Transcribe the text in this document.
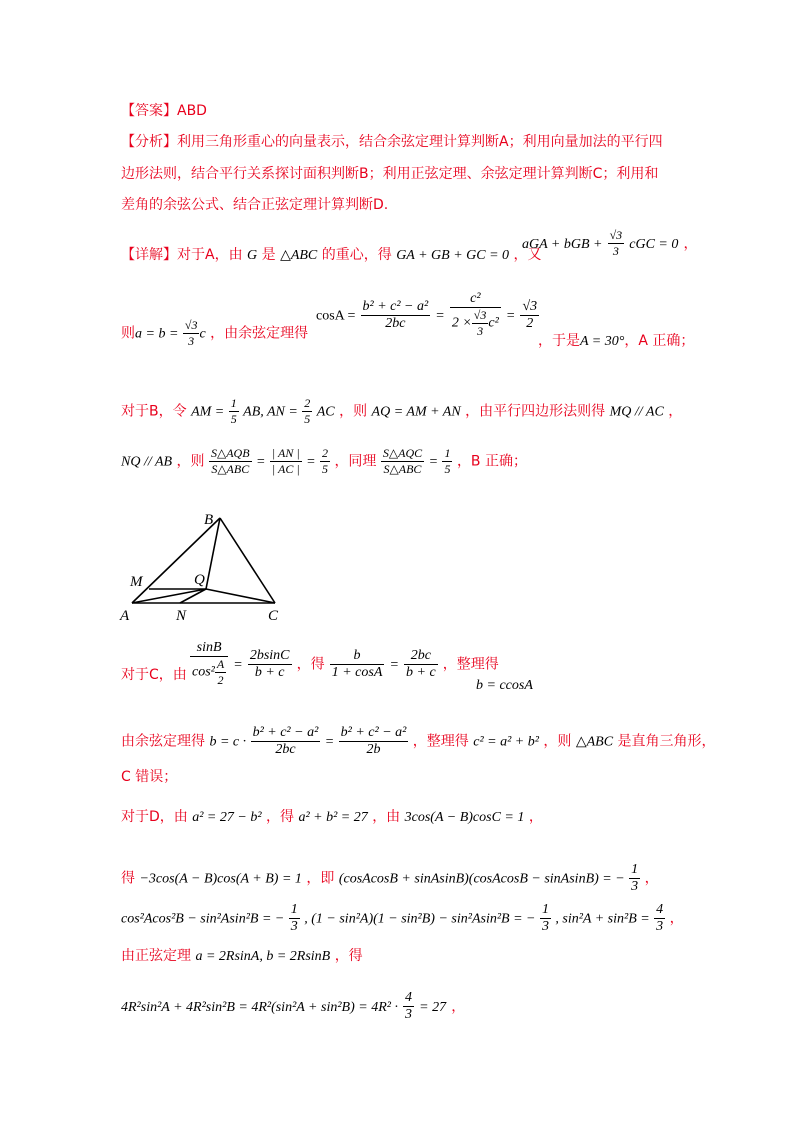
【答案】ABD
【分析】利用三角形重心的向量表示，结合余弦定理计算判断A；利用向量加法的平行四
边形法则，结合平行关系探讨面积判断B；利用正弦定理、余弦定理计算判断C；利用和
差角的余弦公式、结合正弦定理计算判断D.
【详解】对于A，由 G 是 △ABC 的重心，得 GA + GB + GC = 0 ，又
aGA + bGB + $\frac{√3}{3}$ cGC = 0 ，
$\cos A = \frac{\text{b² + c² − a²}}{2bc} = \frac{\text{c²}}{2 \times \frac{√3}{3} c^2} = \frac{√3}{2}$
则$a = b = \frac{√3}{3}$ c ，由余弦定理得	，于是A = 30°，A 正确；
对于B，令 AM = $\frac{1}{5}$ AB, AN = $\frac{2}{5}$ AC ，则 AQ = AM + AN ，由平行四边形法则得 MQ // AC ，
NQ // AB ，则 $\frac{\text{S△AQB}}{\text{S△ABC}} = \frac{| AN |}{| AC |} = \frac{2}{5}$ ，同理 $\frac{\text{S△AQC}}{\text{S△ABC}} = \frac{1}{5}$ ，B 正确；
B
M	Q
A	N	C
对于C，由 $\frac{\sin B}{\cos^2 \frac{A}{2}} = \frac{2bsinC}{b + c}$ ，得 $\frac{b}{1 + \cos A} = \frac{2bc}{b + c}$ ，整理得
b = ccosA
由余弦定理得 $b = c \cdot \frac{\text{b² + c² − a²}}{2bc} = \frac{\text{b² + c² − a²}}{2b}$ ，整理得 c² = a² + b² ，则 △ABC 是直角三角形，
C 错误；
对于D，由 a² = 27 − b² ，得 a² + b² = 27 ，由 3cos(A − B)cosC = 1 ，
得 −3cos(A − B)cos(A + B) = 1 ，即 (cosAcosB + sinAsinB)(cosAcosB − sinAsinB) = − $\frac{1}{3}$ ，
cos²Acos²B − sin²Asin²B = − $\frac{1}{3}$ , (1 − sin²A)(1 − sin²B) − sin²Asin²B = − $\frac{1}{3}$ , $\sin^2A + \sin^2B = \frac{4}{3}$ ，
由正弦定理 a = 2RsinA, b = 2RsinB ，得
$4R^2\sin^2A + 4R^2\sin^2B = 4R^2(\sin^2A + \sin^2B) = 4R^2 \cdot \frac{4}{3} = 27$ ，
